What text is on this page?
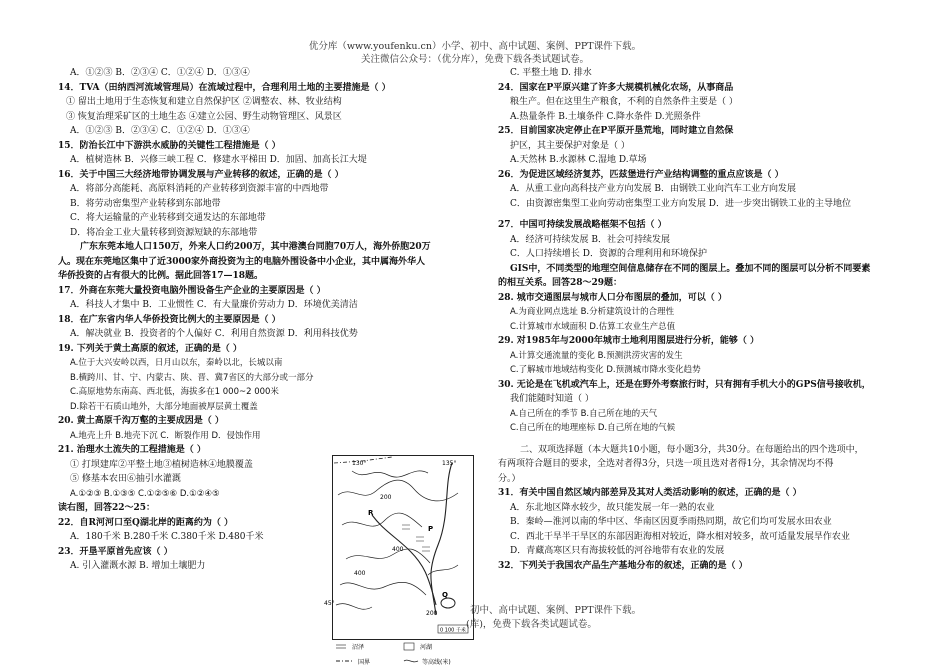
优分库（www.youfenku.cn）小学、初中、高中试题、案例、PPT课件下载。
关注微信公众号：（优分库），免费下载各类试题试卷。
A．①②③ B．②③④ C．①②④ D．①③④
14．TVA（田纳西河流域管理局）在流域过程中，合理利用土地的主要措施是（ ）
① 留出土地用于生态恢复和建立自然保护区 ②调整农、林、牧业结构
③ 恢复治理采矿区的土地生态 ④建立公园、野生动物管理区、风景区
A．①②③ B．②③④ C．①②④ D．①③④
15．防治长江中下游洪水威胁的关键性工程措施是（ ）
A．植树造林 B．兴修三峡工程 C．修建水平梯田 D．加固、加高长江大堤
16．关于中国三大经济地带协调发展与产业转移的叙述，正确的是（ ）
A．将部分高能耗、高原料消耗的产业转移到资源丰富的中西地带
B．将劳动密集型产业转移到东部地带
C．将大运输量的产业转移到交通发达的东部地带
D．将冶金工业大量转移到资源短缺的东部地带
广东东莞本地人口150万，外来人口约200万，其中港澳台同胞70万人，海外侨胞20万
人。现在东莞地区集中了近3000家外商投资为主的电脑外围设备中小企业，其中属海外华人
华侨投资的占有很大的比例。据此回答17—18题。
17．外商在东莞大量投资电脑外围设备生产企业的主要原因是（ ）
A．科技人才集中 B．工业惯性 C．有大量廉价劳动力 D．环境优美清洁
18．在广东省内华人华侨投资比例大的主要原因是（ ）
A．解决就业 B．投资者的个人偏好 C．利用自然资源 D．利用科技优势
19. 下列关于黄土高原的叙述，正确的是（ ）
A.位于大兴安岭以西，日月山以东，秦岭以北，长城以南
B.横跨川、甘、宁、内蒙古、陕、晋、冀7省区的大部分或一部分
C.高原地势东南高、西北低，海拔多在1 000~2 000米
D.除若干石质山地外，大部分地面被厚层黄土覆盖
20. 黄土高原千沟万壑的主要成因是（ ）
A.地壳上升 B.地壳下沉 C．断裂作用 D．侵蚀作用
21. 治理水土流失的工程措施是（ ）
① 打坝建库②平整土地③植树造林④地膜覆盖
⑤ 修基本农田⑥抽引水灌溉
A.①②③ B.①③⑤ C.①②⑤⑥ D.①②④⑤
读右图，回答22～25：
22．自R河河口至Q湖北岸的距离约为（ ）
A．180千米 B.280千米 C.380千米 D.480千米
23．开垦平原首先应该（ ）
A. 引入灌溉水源 B. 增加土壤肥力
C. 平整土地 D. 排水
24．国家在P平原兴建了许多大规模机械化农场，从事商品
粮生产。但在这里生产粮食，不利的自然条件主要是（ ）
A.热量条件 B.土壤条件 C.降水条件 D.光照条件
25．目前国家决定停止在P平原开垦荒地，同时建立自然保
护区，其主要保护对象是（ ）
A.天然林 B.水源林 C.湿地 D.草场
26．为促进区域经济复苏，匹兹堡进行产业结构调整的重点应该是（ ）
A．从重工业向高科技产业方向发展 B．由钢铁工业向汽车工业方向发展
C．由资源密集型工业向劳动密集型工业方向发展 D．进一步突出钢铁工业的主导地位
27．中国可持续发展战略框架不包括（ ）
A．经济可持续发展 B．社会可持续发展
C．人口持续增长 D．资源的合理利用和环境保护
GIS中，不同类型的地理空间信息储存在不同的图层上。叠加不同的图层可以分析不同要素
的相互关系。回答28～29题：
28. 城市交通图层与城市人口分布图层的叠加，可以（ ）
A.为商业网点选址 B.分析建筑设计的合理性
C.计算城市水域面积 D.估算工农业生产总值
29. 对1985年与2000年城市土地利用图层进行分析，能够（ ）
A.计算交通流量的变化 B.预测洪涝灾害的发生
C.了解城市地域结构变化 D.预测城市降水变化趋势
30. 无论是在飞机或汽车上，还是在野外考察旅行时，只有拥有手机大小的GPS信号接收机，
我们能随时知道（ ）
A.自己所在的季节 B.自己所在地的天气
C.自己所在的地理座标 D.自己所在地的气候
二、双项选择题（本大题共10小题，每小题3分，共30分。在每题给出的四个选项中，
有两项符合题目的要求，全选对者得3分，只选一项且选对者得1分，其余情况均不得
分。）
31．有关中国自然区域内部差异及其对人类活动影响的叙述，正确的是（ ）
A．东北地区降水较少，故只能发展一年一熟的农业
B．秦岭—淮河以南的华中区、华南区因夏季雨热同期，故它们均可发展水田农业
C．西北干旱半干旱区的东部因距海相对较近，降水相对较多，故可适量发展旱作农业
D．青藏高寒区只有海拔较低的河谷地带有农业的发展
32．下列关于我国农产品生产基地分布的叙述，正确的是（ ）
0 100 千米
130°	135°
45°
200
400
400
200
R
P
Q
沼泽	河湖
国界	等高线(米)
初中、高中试题、案例、PPT课件下载。
(库)，免费下载各类试题试卷。
